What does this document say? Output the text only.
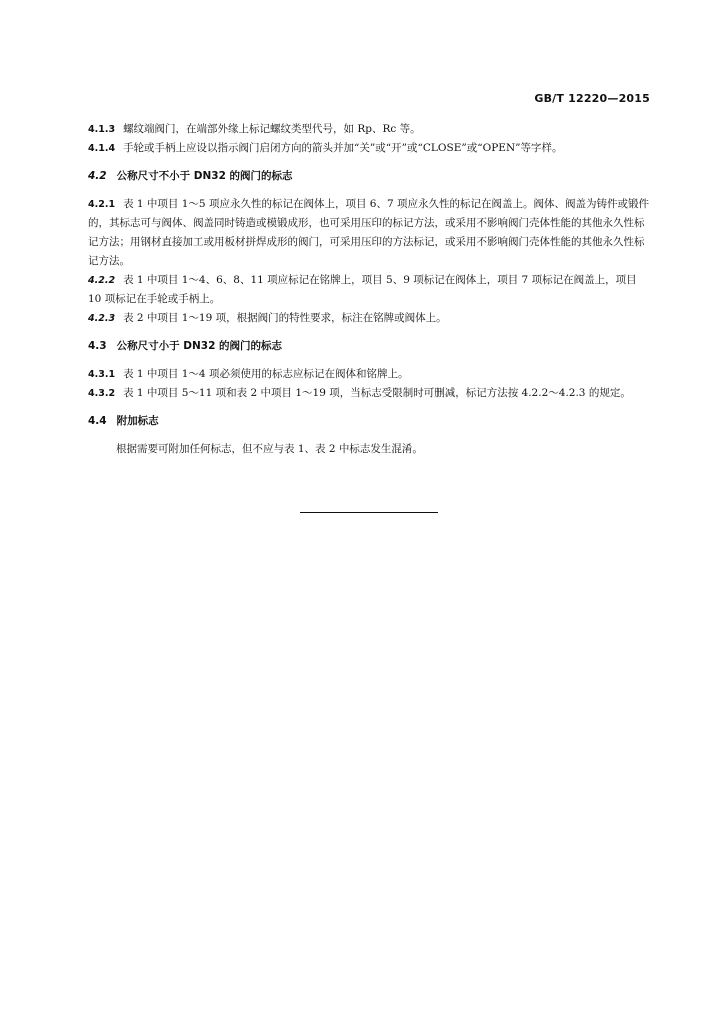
GB/T 12220—2015

4.1.3 螺纹端阀门，在端部外缘上标记螺纹类型代号，如 Rp、Rc 等。

4.1.4 手轮或手柄上应设以指示阀门启闭方向的箭头并加“关”或“开”或“CLOSE”或“OPEN”等字样。

4.2 公称尺寸不小于 DN32 的阀门的标志

4.2.1 表 1 中项目 1～5 项应永久性的标记在阀体上，项目 6、7 项应永久性的标记在阀盖上。阀体、阀盖为铸件或锻件的，其标志可与阀体、阀盖同时铸造或模锻成形，也可采用压印的标记方法，或采用不影响阀门壳体性能的其他永久性标记方法；用钢材直接加工或用板材拼焊成形的阀门，可采用压印的方法标记，或采用不影响阀门壳体性能的其他永久性标记方法。

4.2.2 表 1 中项目 1～4、6、8、11 项应标记在铭牌上，项目 5、9 项标记在阀体上，项目 7 项标记在阀盖上，项目 10 项标记在手轮或手柄上。

4.2.3 表 2 中项目 1～19 项，根据阀门的特性要求，标注在铭牌或阀体上。

4.3 公称尺寸小于 DN32 的阀门的标志

4.3.1 表 1 中项目 1～4 项必须使用的标志应标记在阀体和铭牌上。

4.3.2 表 1 中项目 5～11 项和表 2 中项目 1～19 项，当标志受限制时可删减，标记方法按 4.2.2～4.2.3 的规定。

4.4 附加标志

根据需要可附加任何标志，但不应与表 1、表 2 中标志发生混淆。
